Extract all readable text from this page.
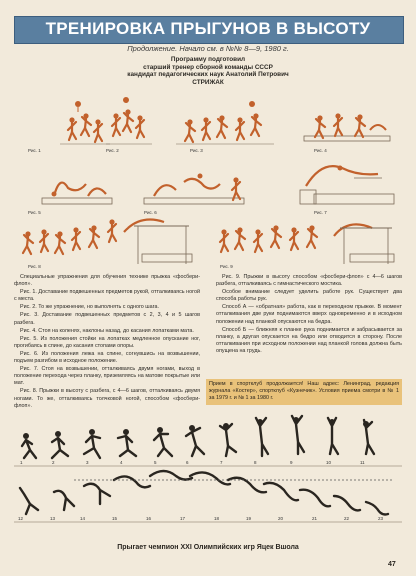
ТРЕНИРОВКА ПРЫГУНОВ В ВЫСОТУ
Продолжение. Начало см. в №№ 8—9, 1980 г.
Программу подготовил
старший тренер сборной команды СССР
кандидат педагогических наук Анатолий Петрович СТРИЖАК
Рис. 1	Рис. 2	Рис. 3	Рис. 4
Рис. 5	Рис. 6	Рис. 7
Рис. 8	Рис. 9

Специальные упражнения для обучения технике прыжка «фосбери-флоп».

Рис. 1. Доставание подвешенных предметов рукой, отталкиваясь ногой с места.

Рис. 2. То же упражнение, но выполнять с одного шага.

Рис. 3. Доставание подвешенных предметов с 2, 3, 4 и 5 шагов разбега.

Рис. 4. Стоя на коленях, наклоны назад, до касания лопатками мата.

Рис. 5. Из положения стойки на лопатках медленное опускание ног, прогибаясь в спине, до касания стопами опоры.

Рис. 6. Из положения лежа на спине, согнувшись на возвышении, подъем разгибом в исходное положение.

Рис. 7. Стоя на возвышении, отталкиваясь двумя ногами, выход в положение перехода через планку, приземляясь на матове покрытые или мат.

Рис. 8. Прыжки в высоту с разбега, с 4—6 шагов, отталкиваясь двумя ногами. То же, отталкиваясь толчковой ногой, способом «фосбери-флоп».

Рис. 9. Прыжки в высоту способом «фосбери-флоп» с 4—6 шагов разбега, отталкиваясь с гимнастического мостика.

Особое внимание следует уделить работе рук. Существует два способа работы рук.

Способ А — «обратная» работа, как в переходном прыжке. В момент отталкивания две руки поднимаются вверх одновременно и в исходном положении над планкой опускаются на бедра.

Способ Б — ближняя к планке рука поднимается и забрасывается за планку, а другая опускается на бедро или отводится в сторону. После отталкивания при исходном положении над планкой голова должна быть опущена на грудь.

Прием в спортклуб продолжается! Наш адрес: Ленинград, редакция журнала «Костер», спортклуб «Кузнечик». Условия приема смотри в № 1 за 1979 г. и № 1 за 1980 г.
1	2	3	4	5	6	7	8	9	10	11
12	13	14	15	16	17	18	19	20	21	22	23
Прыгает чемпион XXI Олимпийских игр Яцек Вшола
47
